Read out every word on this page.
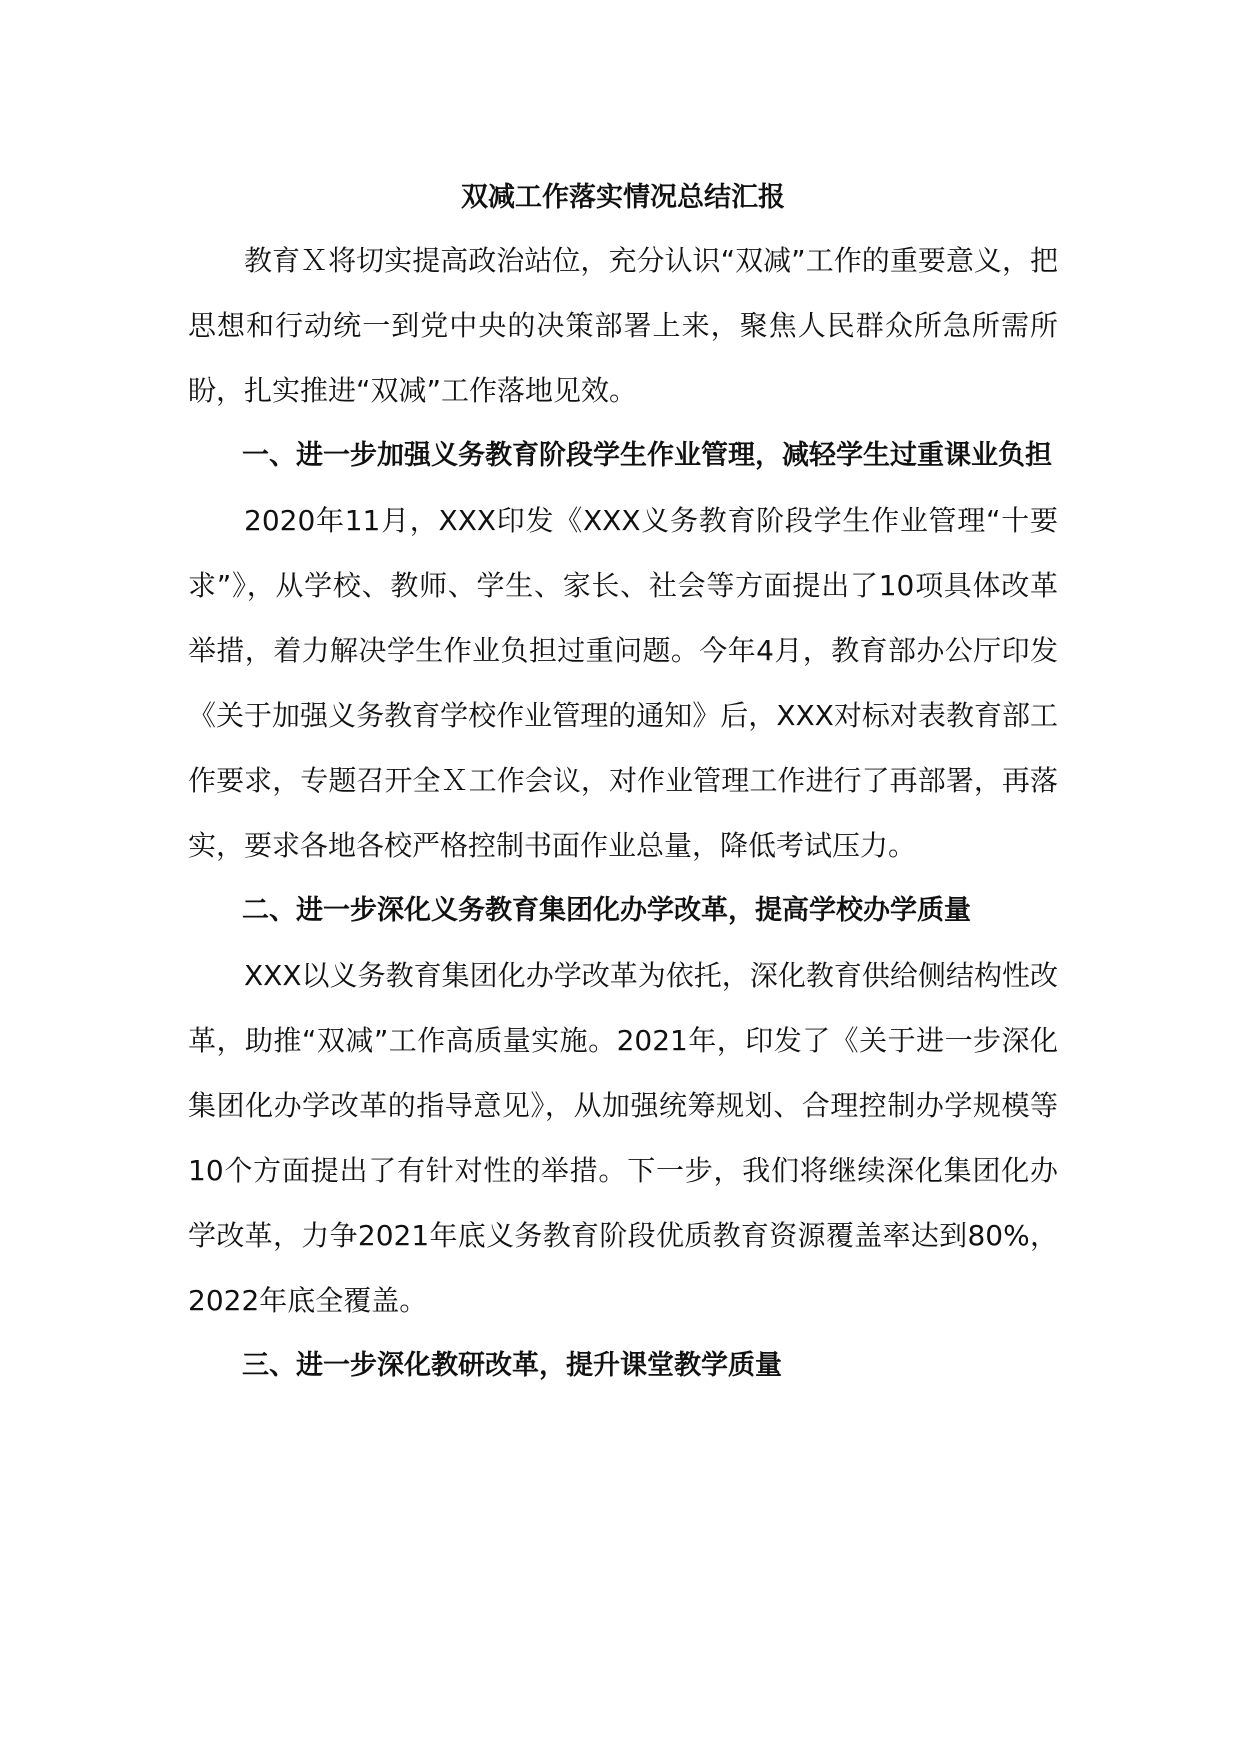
双减工作落实情况总结汇报

教育Ｘ将切实提高政治站位，充分认识“双减”工作的重要意义，把思想和行动统一到党中央的决策部署上来，聚焦人民群众所急所需所盼，扎实推进“双减”工作落地见效。

一、进一步加强义务教育阶段学生作业管理，减轻学生过重课业负担

2020年11月，XXX印发《XXX义务教育阶段学生作业管理“十要求”》，从学校、教师、学生、家长、社会等方面提出了10项具体改革举措，着力解决学生作业负担过重问题。今年4月，教育部办公厅印发《关于加强义务教育学校作业管理的通知》后，XXX对标对表教育部工作要求，专题召开全Ｘ工作会议，对作业管理工作进行了再部署，再落实，要求各地各校严格控制书面作业总量，降低考试压力。

二、进一步深化义务教育集团化办学改革，提高学校办学质量

XXX以义务教育集团化办学改革为依托，深化教育供给侧结构性改革，助推“双减”工作高质量实施。2021年，印发了《关于进一步深化集团化办学改革的指导意见》，从加强统筹规划、合理控制办学规模等10个方面提出了有针对性的举措。下一步，我们将继续深化集团化办学改革，力争2021年底义务教育阶段优质教育资源覆盖率达到80%，2022年底全覆盖。

三、进一步深化教研改革，提升课堂教学质量
